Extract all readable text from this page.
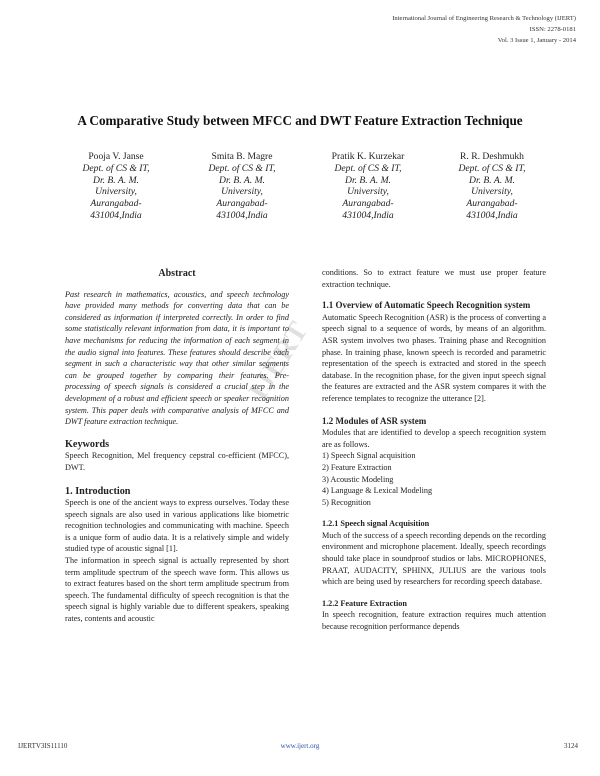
International Journal of Engineering Research & Technology (IJERT)
ISSN: 2278-0181
Vol. 3 Issue 1, January - 2014
A Comparative Study between MFCC and DWT Feature Extraction Technique
Pooja V. Janse
Dept. of CS & IT,
Dr. B. A. M.
University,
Aurangabad-
431004,India
Smita B. Magre
Dept. of CS & IT,
Dr. B. A. M.
University,
Aurangabad-
431004,India
Pratik K. Kurzekar
Dept. of CS & IT,
Dr. B. A. M.
University,
Aurangabad-
431004,India
R. R. Deshmukh
Dept. of CS & IT,
Dr. B. A. M.
University,
Aurangabad-
431004,India
IJERT
Abstract
Past research in mathematics, acoustics, and speech technology have provided many methods for converting data that can be considered as information if interpreted correctly. In order to find some statistically relevant information from data, it is important to have mechanisms for reducing the information of each segment in the audio signal into features. These features should describe each segment in such a characteristic way that other similar segments can be grouped together by comparing their features. Pre-processing of speech signals is considered a crucial step in the development of a robust and efficient speech or speaker recognition system. This paper deals with comparative analysis of MFCC and DWT feature extraction technique.
Keywords
Speech Recognition, Mel frequency cepstral co-efficient (MFCC), DWT.
1. Introduction
Speech is one of the ancient ways to express ourselves. Today these speech signals are also used in various applications like biometric recognition technologies and communicating with machine. Speech is a unique form of audio data. It is a relatively simple and widely studied type of acoustic signal [1].
The information in speech signal is actually represented by short term amplitude spectrum of the speech wave form. This allows us to extract features based on the short term amplitude spectrum from speech. The fundamental difficulty of speech recognition is that the speech signal is highly variable due to different speakers, speaking rates, contents and acoustic
conditions. So to extract feature we must use proper feature extraction technique.
1.1 Overview of Automatic Speech Recognition system
Automatic Speech Recognition (ASR) is the process of converting a speech signal to a sequence of words, by means of an algorithm. ASR system involves two phases. Training phase and Recognition phase. In training phase, known speech is recorded and parametric representation of the speech is extracted and stored in the speech database. In the recognition phase, for the given input speech signal the features are extracted and the ASR system compares it with the reference templates to recognize the utterance [2].
1.2 Modules of ASR system
Modules that are identified to develop a speech recognition system are as follows.
1) Speech Signal acquisition
2) Feature Extraction
3) Acoustic Modeling
4) Language & Lexical Modeling
5) Recognition
1.2.1 Speech signal Acquisition
Much of the success of a speech recording depends on the recording environment and microphone placement. Ideally, speech recordings should take place in soundproof studios or labs. MICROPHONES, PRAAT, AUDACITY, SPHINX, JULIUS are the various tools which are being used by researchers for recording speech database.
1.2.2 Feature Extraction
In speech recognition, feature extraction requires much attention because recognition performance depends
IJERTV3IS11110	www.ijert.org	3124
